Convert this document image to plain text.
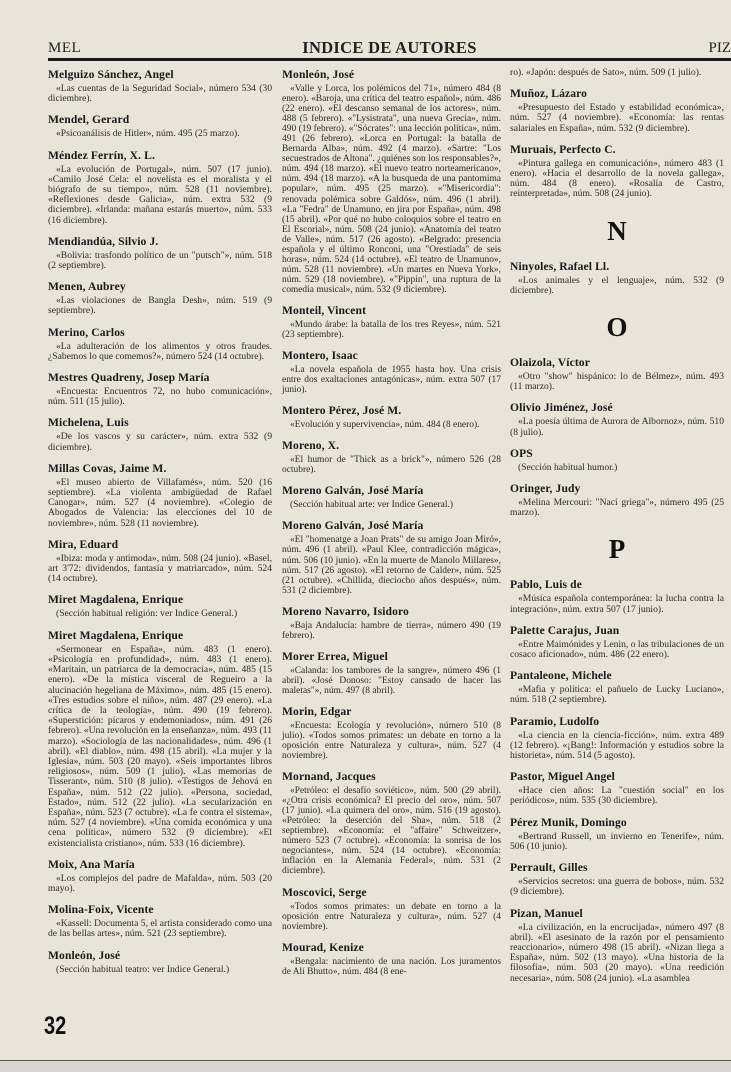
MEL	INDICE DE AUTORES	PIZ
Melguizo Sánchez, Angel
«Las cuentas de la Seguridad Social», número 534 (30 diciembre).
Mendel, Gerard
«Psicoanálisis de Hitler», núm. 495 (25 marzo).
Méndez Ferrín, X. L.
«La evolución de Portugal», núm. 507 (17 junio). «Camilo José Cela: el novelista es el moralista y el biógrafo de su tiempo», núm. 528 (11 noviembre). «Reflexiones desde Galicia», núm. extra 532 (9 diciembre). «Irlanda: mañana estarás muerto», núm. 533 (16 diciembre).
Mendiandúa, Silvio J.
«Bolivia: trasfondo político de un "putsch"», núm. 518 (2 septiembre).
Menen, Aubrey
«Las violaciones de Bangla Desh», núm. 519 (9 septiembre).
Merino, Carlos
«La adulteración de los alimentos y otros fraudes. ¿Sabemos lo que comemos?», número 524 (14 octubre).
Mestres Quadreny, Josep María
«Encuesta: Encuentros 72, no hubo comunicación», núm. 511 (15 julio).
Michelena, Luis
«De los vascos y su carácter», núm. extra 532 (9 diciembre).
Millas Covas, Jaime M.
«El museo abierto de Villafamés», núm. 520 (16 septiembre). «La violenta ambigüedad de Rafael Canogar», núm. 527 (4 noviembre). «Colegio de Abogados de Valencia: las elecciones del 10 de noviembre», núm. 528 (11 noviembre).
Mira, Eduard
«Ibiza: moda y antimoda», núm. 508 (24 junio). «Basel, art 3'72: dividendos, fantasía y matriarcado», núm. 524 (14 octubre).
Miret Magdalena, Enrique
(Sección habitual religión: ver Indice General.)
Miret Magdalena, Enrique
«Sermonear en España», núm. 483 (1 enero). «Psicología en profundidad», núm. 483 (1 enero). «Maritain, un patriarca de la democracia», núm. 485 (15 enero). «De la mística visceral de Regueiro a la alucinación hegeliana de Máximo», núm. 485 (15 enero). «Tres estudios sobre el niño», núm. 487 (29 enero). «La crítica de la teología», núm. 490 (19 febrero). «Superstición: pícaros y endemoniados», núm. 491 (26 febrero). «Una revolución en la enseñanza», núm. 493 (11 marzo). «Sociología de las nacionalidades», núm. 496 (1 abril). «El diablo», núm. 498 (15 abril). «La mujer y la Iglesia», núm. 503 (20 mayo). «Seis importantes libros religiosos», núm. 509 (1 julio). «Las memorias de Tisserant», núm. 510 (8 julio). «Testigos de Jehová en España», núm. 512 (22 julio). «Persona, sociedad, Estado», núm. 512 (22 julio). «La secularización en España», núm. 523 (7 octubre). «La fe contra el sistema», núm. 527 (4 noviembre). «Una comida económica y una cena política», número 532 (9 diciembre). «El existencialista cristiano», núm. 533 (16 diciembre).
Moix, Ana María
«Los complejos del padre de Mafalda», núm. 503 (20 mayo).
Molina-Foix, Vicente
«Kassell: Documenta 5, el artista considerado como una de las bellas artes», núm. 521 (23 septiembre).
Monleón, José
(Sección habitual teatro: ver Indice General.)
Monleón, José
«Valle y Lorca, los polémicos del 71», número 484 (8 enero). «Baroja, una crítica del teatro español», núm. 486 (22 enero). «El descanso semanal de los actores», núm. 488 (5 febrero). «"Lysistrata", una nueva Grecia», núm. 490 (19 febrero). «"Sócrates": una lección política», núm. 491 (26 febrero). «Lorca en Portugal: la batalla de Bernarda Alba», núm. 492 (4 marzo). «Sartre: "Los secuestrados de Altona". ¿quiénes son los responsables?», núm. 494 (18 marzo). «El nuevo teatro norteamericano», núm. 494 (18 marzo). «A la busqueda de una pantomima popular», núm. 495 (25 marzo). «"Misericordia": renovada polémica sobre Galdós», núm. 496 (1 abril). «La "Fedra" de Unamuno, en jira por España», núm. 498 (15 abril). «Por qué no hubo coloquios sobre el teatro en El Escorial», núm. 508 (24 junio). «Anatomía del teatro de Valle», núm. 517 (26 agosto). «Belgrado: presencia española y el último Ronconi, una "Orestiada" de seis horas», núm. 524 (14 octubre). «El teatro de Unamuno», núm. 528 (11 noviembre). «Un martes en Nueva York», núm. 529 (18 noviembre). «"Pippin", una ruptura de la comedia musical», núm. 532 (9 diciembre).
Monteil, Vincent
«Mundo árabe: la batalla de los tres Reyes», núm. 521 (23 septiembre).
Montero, Isaac
«La novela española de 1955 hasta hoy. Una crisis entre dos exaltaciones antagónicas», núm. extra 507 (17 junio).
Montero Pérez, José M.
«Evolución y supervivencia», núm. 484 (8 enero).
Moreno, X.
«El humor de "Thick as a brick"», número 526 (28 octubre).
Moreno Galván, José María
(Sección habitual arte: ver Indice General.)
Moreno Galván, José María
«El "homenatge a Joan Prats" de su amigo Joan Miró», núm. 496 (1 abril). «Paul Klee, contradicción mágica», núm. 506 (10 junio). «En la muerte de Manolo Millares», núm. 517 (26 agosto). «El retorno de Calder», núm. 525 (21 octubre). «Chillida, dieciocho años después», núm. 531 (2 diciembre).
Moreno Navarro, Isidoro
«Baja Andalucía: hambre de tierra», número 490 (19 febrero).
Morer Errea, Miguel
«Calanda: los tambores de la sangre», número 496 (1 abril). «José Donoso: "Estoy cansado de hacer las maletas"», núm. 497 (8 abril).
Morin, Edgar
«Encuesta: Ecología y revolución», número 510 (8 julio). «Todos somos primates: un debate en torno a la oposición entre Naturaleza y cultura», núm. 527 (4 noviembre).
Mornand, Jacques
«Petróleo: el desafío soviético», núm. 500 (29 abril). «¿Otra crisis económica? El precio del oro», núm. 507 (17 junio). «La quimera del oro», núm. 516 (19 agosto). «Petróleo: la deserción del Sha», núm. 518 (2 septiembre). «Economía: el "affaire" Schweitzer», número 523 (7 octubre). «Economía: la sonrisa de los negociantes», núm. 524 (14 octubre). «Economía: inflación en la Alemania Federal», núm. 531 (2 diciembre).
Moscovici, Serge
«Todos somos primates: un debate en torno a la oposición entre Naturaleza y cultura», núm. 527 (4 noviembre).
Mourad, Kenize
«Bengala: nacimiento de una nación. Los juramentos de Alí Bhutto», núm. 484 (8 ene-
ro). «Japón: después de Sato», núm. 509 (1 julio).
Muñoz, Lázaro
«Presupuesto del Estado y estabilidad económica», núm. 527 (4 noviembre). «Economía: las rentas salariales en España», núm. 532 (9 diciembre).
Muruais, Perfecto C.
«Pintura gallega en comunicación», número 483 (1 enero). «Hacia el desarrollo de la novela gallega», núm. 484 (8 enero). «Rosalía de Castro, reinterpretada», núm. 508 (24 junio).
N
Ninyoles, Rafael Ll.
«Los animales y el lenguaje», núm. 532 (9 diciembre).
O
Olaizola, Víctor
«Otro "show" hispánico: lo de Bélmez», núm. 493 (11 marzo).
Olivio Jiménez, José
«La poesía última de Aurora de Albornoz», núm. 510 (8 julio).
OPS
(Sección habitual humor.)
Oringer, Judy
«Melina Mercouri: "Nací griega"», número 495 (25 marzo).
P
Pablo, Luis de
«Música española contemporánea: la lucha contra la integración», núm. extra 507 (17 junio).
Palette Carajus, Juan
«Entre Maimónides y Lenin, o las tribulaciones de un cosaco aficionado», núm. 486 (22 enero).
Pantaleone, Michele
«Mafia y política: el pañuelo de Lucky Luciano», núm. 518 (2 septiembre).
Paramio, Ludolfo
«La ciencia en la ciencia-ficción», núm. extra 489 (12 febrero). «¡Bang!: Información y estudios sobre la historieta», núm. 514 (5 agosto).
Pastor, Miguel Angel
«Hace cien años: La "cuestión social" en los periódicos», núm. 535 (30 diciembre).
Pérez Munik, Domingo
«Bertrand Russell, un invierno en Tenerife», núm. 506 (10 junio).
Perrault, Gilles
«Servicios secretos: una guerra de bobos», núm. 532 (9 diciembre).
Pizan, Manuel
«La civilización, en la encrucijada», número 497 (8 abril). «El asesinato de la razón por el pensamiento reaccionario», número 498 (15 abril). «Nizan llega a España», núm. 502 (13 mayo). «Una historia de la filosofía», núm. 503 (20 mayo). «Una reedición necesaria», núm. 508 (24 junio). «La asamblea
32
